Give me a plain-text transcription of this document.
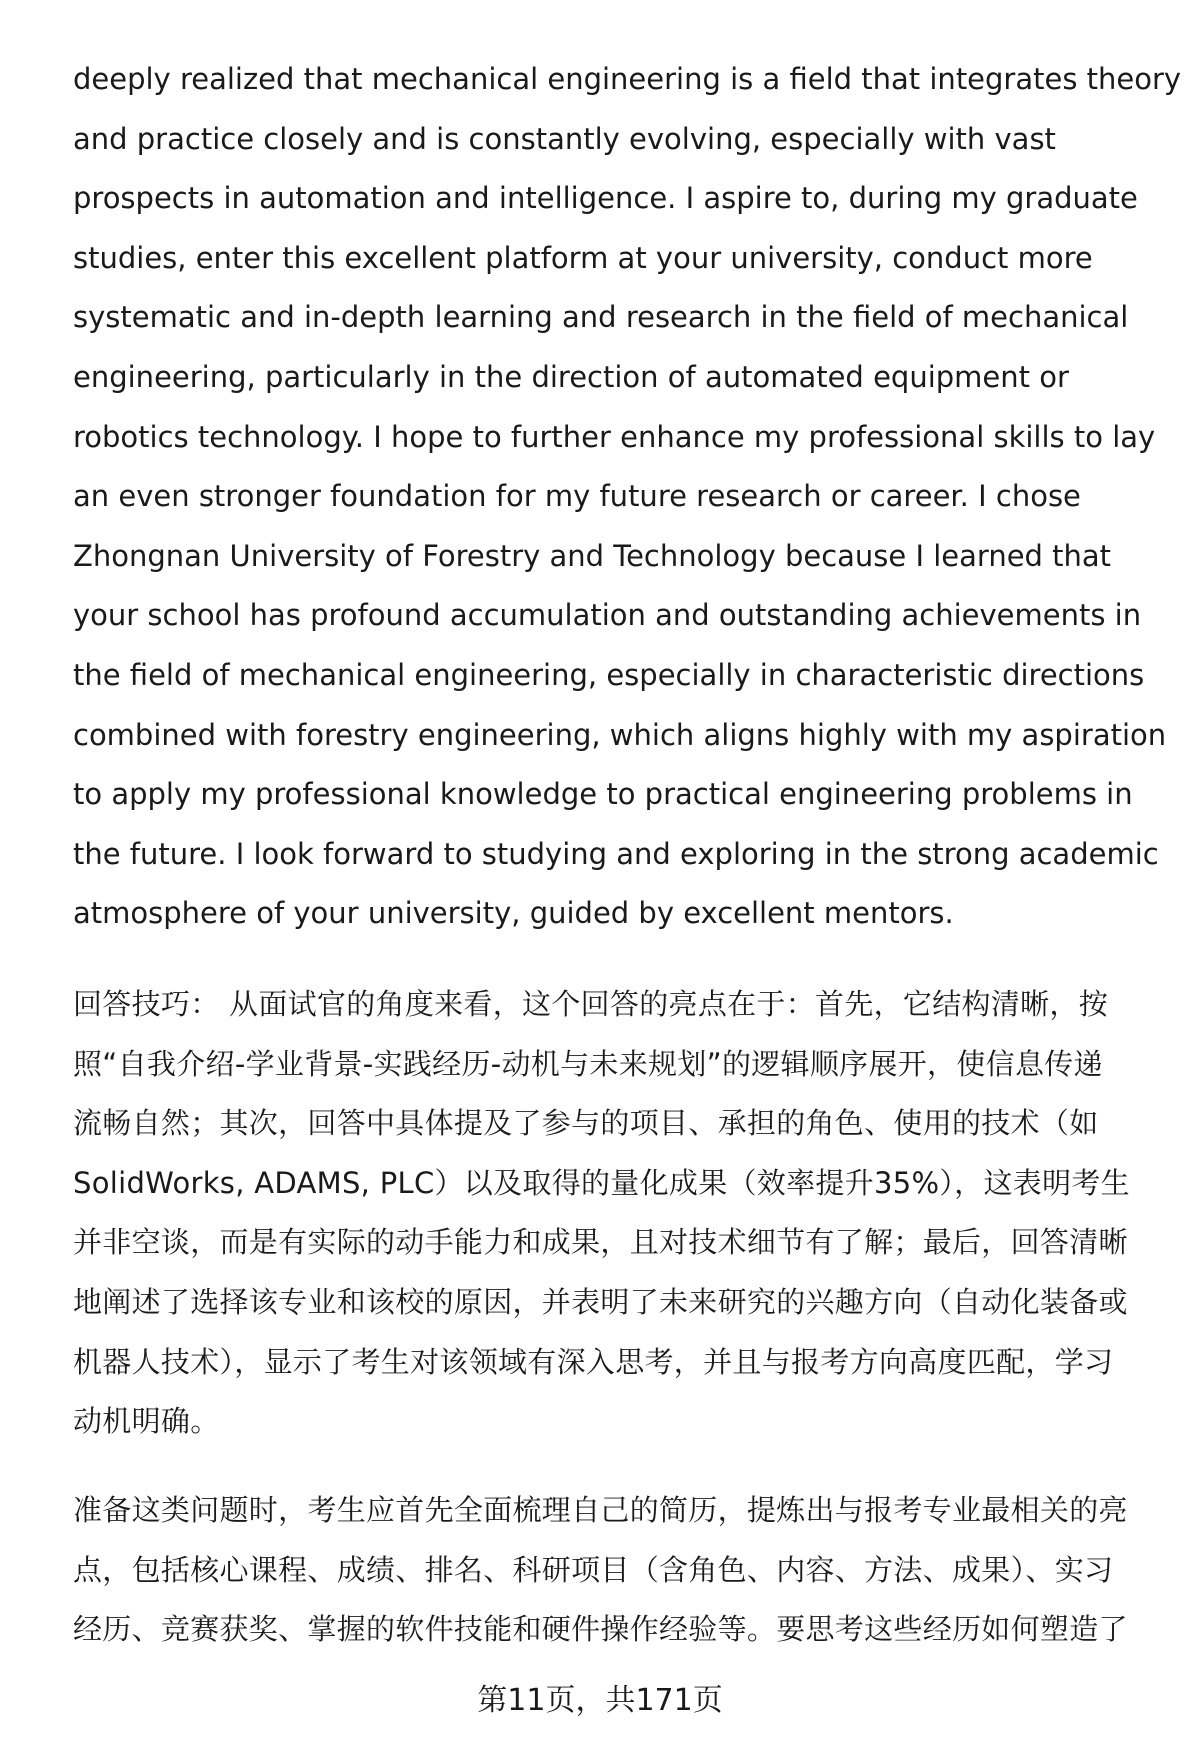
deeply realized that mechanical engineering is a field that integrates theory
and practice closely and is constantly evolving, especially with vast
prospects in automation and intelligence. I aspire to, during my graduate
studies, enter this excellent platform at your university, conduct more
systematic and in-depth learning and research in the field of mechanical
engineering, particularly in the direction of automated equipment or
robotics technology. I hope to further enhance my professional skills to lay
an even stronger foundation for my future research or career. I chose
Zhongnan University of Forestry and Technology because I learned that
your school has profound accumulation and outstanding achievements in
the field of mechanical engineering, especially in characteristic directions
combined with forestry engineering, which aligns highly with my aspiration
to apply my professional knowledge to practical engineering problems in
the future. I look forward to studying and exploring in the strong academic
atmosphere of your university, guided by excellent mentors.
回答技巧： 从面试官的角度来看，这个回答的亮点在于：首先，它结构清晰，按
照“自我介绍-学业背景-实践经历-动机与未来规划”的逻辑顺序展开，使信息传递
流畅自然；其次，回答中具体提及了参与的项目、承担的角色、使用的技术（如
SolidWorks, ADAMS, PLC）以及取得的量化成果（效率提升35%），这表明考生
并非空谈，而是有实际的动手能力和成果，且对技术细节有了解；最后，回答清晰
地阐述了选择该专业和该校的原因，并表明了未来研究的兴趣方向（自动化装备或
机器人技术），显示了考生对该领域有深入思考，并且与报考方向高度匹配，学习
动机明确。
准备这类问题时，考生应首先全面梳理自己的简历，提炼出与报考专业最相关的亮
点，包括核心课程、成绩、排名、科研项目（含角色、内容、方法、成果）、实习
经历、竞赛获奖、掌握的软件技能和硬件操作经验等。要思考这些经历如何塑造了
第11页，共171页
